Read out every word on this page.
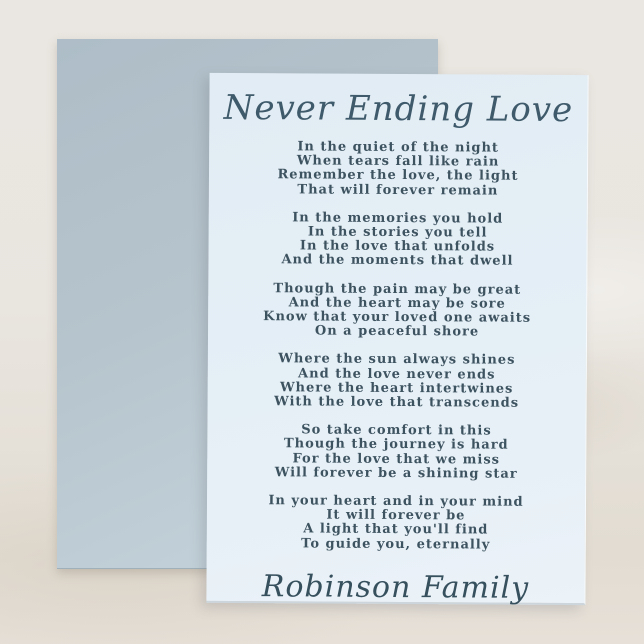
Never Ending Love
In the quiet of the night
When tears fall like rain
Remember the love, the light
That will forever remain
In the memories you hold
In the stories you tell
In the love that unfolds
And the moments that dwell
Though the pain may be great
And the heart may be sore
Know that your loved one awaits
On a peaceful shore
Where the sun always shines
And the love never ends
Where the heart intertwines
With the love that transcends
So take comfort in this
Though the journey is hard
For the love that we miss
Will forever be a shining star
In your heart and in your mind
It will forever be
A light that you'll find
To guide you, eternally
Robinson Family
